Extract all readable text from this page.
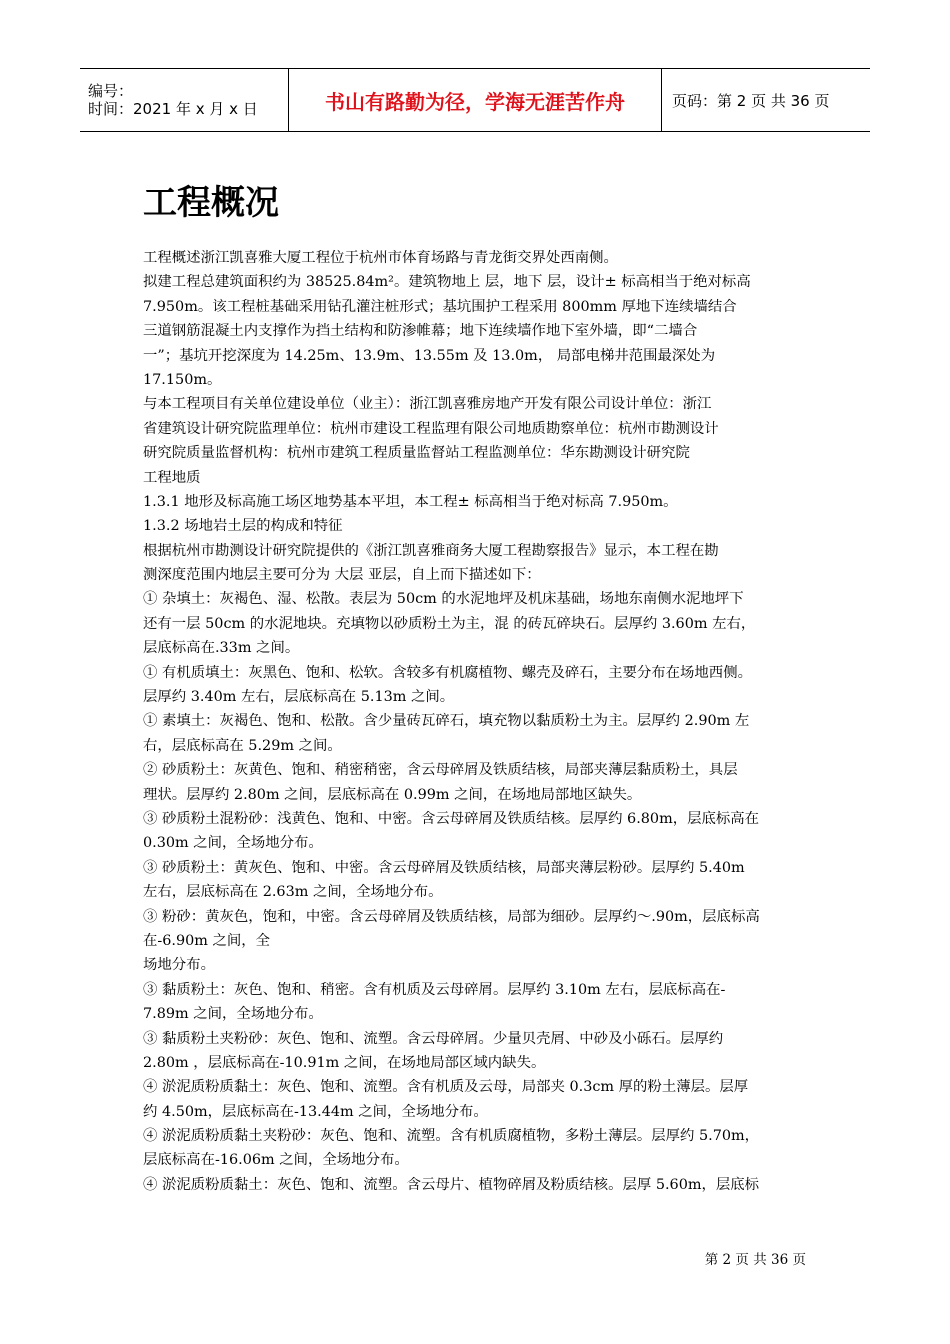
编号：
时间：2021 年 x 月 x 日	书山有路勤为径，学海无涯苦作舟	页码：第 2 页 共 36 页
工程概况
工程概述浙江凯喜雅大厦工程位于杭州市体育场路与青龙街交界处西南侧。
拟建工程总建筑面积约为 38525.84m²。建筑物地上 层，地下 层，设计± 标高相当于绝对标高
7.950m。该工程桩基础采用钻孔灌注桩形式；基坑围护工程采用 800mm 厚地下连续墙结合
三道钢筋混凝土内支撑作为挡土结构和防渗帷幕；地下连续墙作地下室外墙，即“二墙合
一”；基坑开挖深度为 14.25m、13.9m、13.55m 及 13.0m， 局部电梯井范围最深处为
17.150m。
与本工程项目有关单位建设单位（业主）：浙江凯喜雅房地产开发有限公司设计单位：浙江
省建筑设计研究院监理单位：杭州市建设工程监理有限公司地质勘察单位：杭州市勘测设计
研究院质量监督机构：杭州市建筑工程质量监督站工程监测单位：华东勘测设计研究院
工程地质
1.3.1 地形及标高施工场区地势基本平坦，本工程± 标高相当于绝对标高 7.950m。
1.3.2 场地岩土层的构成和特征
根据杭州市勘测设计研究院提供的《浙江凯喜雅商务大厦工程勘察报告》显示，本工程在勘
测深度范围内地层主要可分为 大层 亚层，自上而下描述如下：
① 杂填土：灰褐色、湿、松散。表层为 50cm 的水泥地坪及机床基础，场地东南侧水泥地坪下
还有一层 50cm 的水泥地块。充填物以砂质粉土为主，混 的砖瓦碎块石。层厚约 3.60m 左右，
层底标高在.33m 之间。
① 有机质填土：灰黑色、饱和、松软。含较多有机腐植物、螺壳及碎石，主要分布在场地西侧。
层厚约 3.40m 左右，层底标高在 5.13m 之间。
① 素填土：灰褐色、饱和、松散。含少量砖瓦碎石，填充物以黏质粉土为主。层厚约 2.90m 左
右，层底标高在 5.29m 之间。
② 砂质粉土：灰黄色、饱和、稍密稍密，含云母碎屑及铁质结核，局部夹薄层黏质粉土，具层
理状。层厚约 2.80m 之间，层底标高在 0.99m 之间，在场地局部地区缺失。
③ 砂质粉土混粉砂：浅黄色、饱和、中密。含云母碎屑及铁质结核。层厚约 6.80m，层底标高在
0.30m 之间，全场地分布。
③ 砂质粉土：黄灰色、饱和、中密。含云母碎屑及铁质结核，局部夹薄层粉砂。层厚约 5.40m
左右，层底标高在 2.63m 之间，全场地分布。
③ 粉砂：黄灰色，饱和，中密。含云母碎屑及铁质结核，局部为细砂。层厚约～.90m，层底标高
在-6.90m 之间，全
场地分布。
③ 黏质粉土：灰色、饱和、稍密。含有机质及云母碎屑。层厚约 3.10m 左右，层底标高在-
7.89m 之间，全场地分布。
③ 黏质粉土夹粉砂：灰色、饱和、流塑。含云母碎屑。少量贝壳屑、中砂及小砾石。层厚约
2.80m ，层底标高在-10.91m 之间，在场地局部区域内缺失。
④ 淤泥质粉质黏土：灰色、饱和、流塑。含有机质及云母，局部夹 0.3cm 厚的粉土薄层。层厚
约 4.50m，层底标高在-13.44m 之间，全场地分布。
④ 淤泥质粉质黏土夹粉砂：灰色、饱和、流塑。含有机质腐植物，多粉土薄层。层厚约 5.70m，
层底标高在-16.06m 之间，全场地分布。
④ 淤泥质粉质黏土：灰色、饱和、流塑。含云母片、植物碎屑及粉质结核。层厚 5.60m，层底标
第 2 页 共 36 页
